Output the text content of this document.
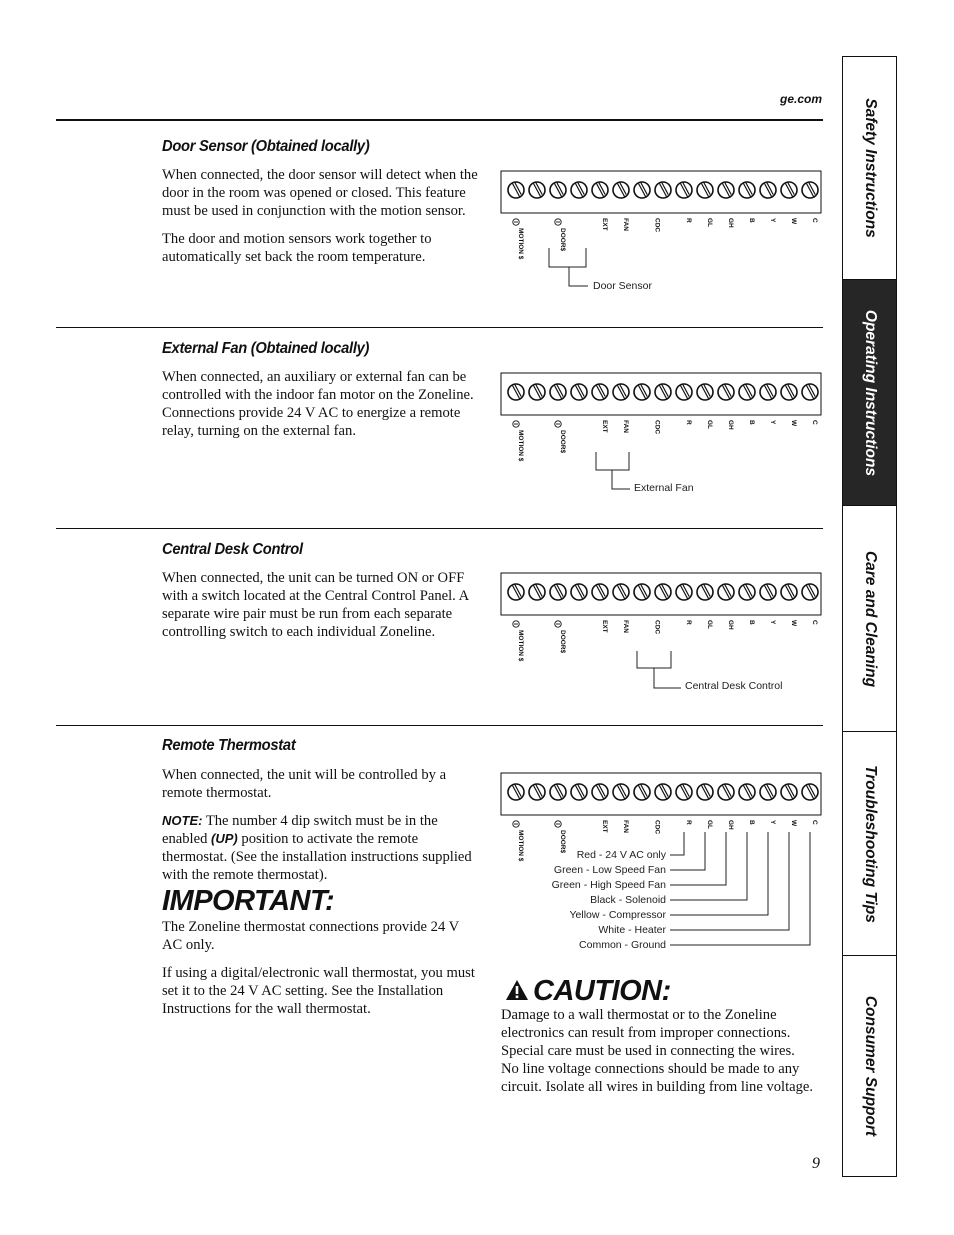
ge.com
Door Sensor (Obtained locally)

When connected, the door sensor will detect when the door in the room was opened or closed. This feature must be used in conjunction with the motion sensor.

The door and motion sensors work together to automatically set back the room temperature.	MOTION $	DOOR$
EXT FAN	CDC	R GL GH B Y W C
Door Sensor
External Fan (Obtained locally)

When connected, an auxiliary or external fan can be controlled with the indoor fan motor on the Zoneline. Connections provide 24 V AC to energize a remote relay, turning on the external fan.	MOTION $	DOOR$
EXT FAN	CDC	R GL GH B Y W C
External Fan
Central Desk Control

When connected, the unit can be turned ON or OFF with a switch located at the Central Control Panel. A separate wire pair must be run from each separate controlling switch to each individual Zoneline.	MOTION $	DOOR$
EXT FAN	CDC	R GL GH B Y W C
Central Desk Control
Remote Thermostat

When connected, the unit will be controlled by a remote thermostat.

NOTE: The number 4 dip switch must be in the enabled (UP) position to activate the remote thermostat. (See the installation instructions supplied with the remote thermostat).

MOTION $	DOOR$
EXT FAN	CDC	R GL GH B Y W C
Red - 24 V AC only
Green - Low Speed Fan
Green - High Speed Fan
Black - Solenoid
Yellow - Compressor
White - Heater
Common - Ground
IMPORTANT:

The Zoneline thermostat connections provide 24 V AC only.

If using a digital/electronic wall thermostat, you must set it to the 24 V AC setting. See the Installation Instructions for the wall thermostat.

CAUTION:

Damage to a wall thermostat or to the Zoneline electronics can result from improper connections. Special care must be used in connecting the wires. No line voltage connections should be made to any circuit. Isolate all wires in building from line voltage.

Safety Instructions
Operating Instructions
Care and Cleaning
Troubleshooting Tips
Consumer Support
9
